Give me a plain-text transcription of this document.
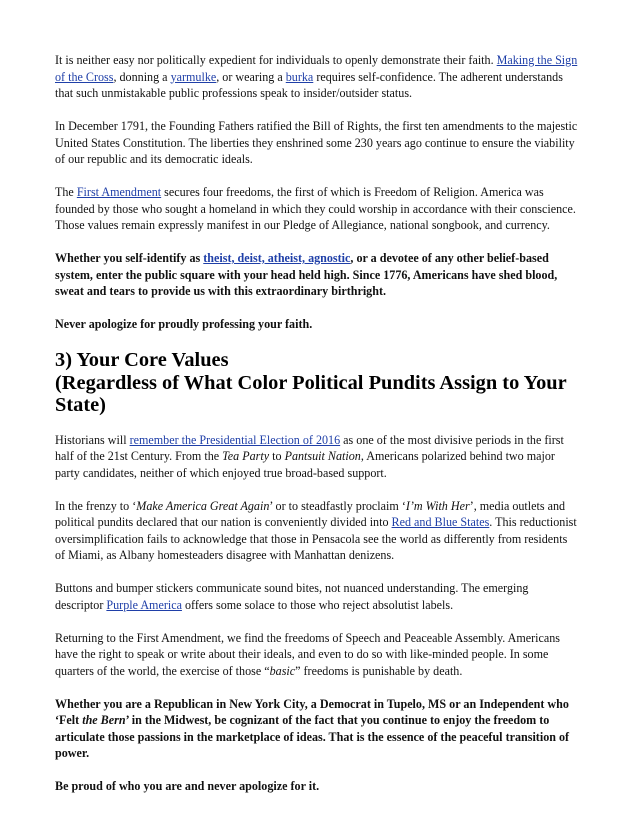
It is neither easy nor politically expedient for individuals to openly demonstrate their faith. Making the Sign of the Cross, donning a yarmulke, or wearing a burka requires self-confidence. The adherent understands that such unmistakable public professions speak to insider/outsider status.

In December 1791, the Founding Fathers ratified the Bill of Rights, the first ten amendments to the majestic United States Constitution. The liberties they enshrined some 230 years ago continue to ensure the viability of our republic and its democratic ideals.

The First Amendment secures four freedoms, the first of which is Freedom of Religion. America was founded by those who sought a homeland in which they could worship in accordance with their conscience. Those values remain expressly manifest in our Pledge of Allegiance, national songbook, and currency.

Whether you self-identify as theist, deist, atheist, agnostic, or a devotee of any other belief-based system, enter the public square with your head held high. Since 1776, Americans have shed blood, sweat and tears to provide us with this extraordinary birthright.

Never apologize for proudly professing your faith.

3) Your Core Values
(Regardless of What Color Political Pundits Assign to Your State)

Historians will remember the Presidential Election of 2016 as one of the most divisive periods in the first half of the 21st Century. From the Tea Party to Pantsuit Nation, Americans polarized behind two major party candidates, neither of which enjoyed true broad-based support.

In the frenzy to ‘Make America Great Again’ or to steadfastly proclaim ‘I’m With Her’, media outlets and political pundits declared that our nation is conveniently divided into Red and Blue States. This reductionist oversimplification fails to acknowledge that those in Pensacola see the world as differently from residents of Miami, as Albany homesteaders disagree with Manhattan denizens.

Buttons and bumper stickers communicate sound bites, not nuanced understanding. The emerging descriptor Purple America offers some solace to those who reject absolutist labels.

Returning to the First Amendment, we find the freedoms of Speech and Peaceable Assembly. Americans have the right to speak or write about their ideals, and even to do so with like-minded people. In some quarters of the world, the exercise of those “basic” freedoms is punishable by death.

Whether you are a Republican in New York City, a Democrat in Tupelo, MS or an Independent who ‘Felt the Bern’ in the Midwest, be cognizant of the fact that you continue to enjoy the freedom to articulate those passions in the marketplace of ideas. That is the essence of the peaceful transition of power.

Be proud of who you are and never apologize for it.
